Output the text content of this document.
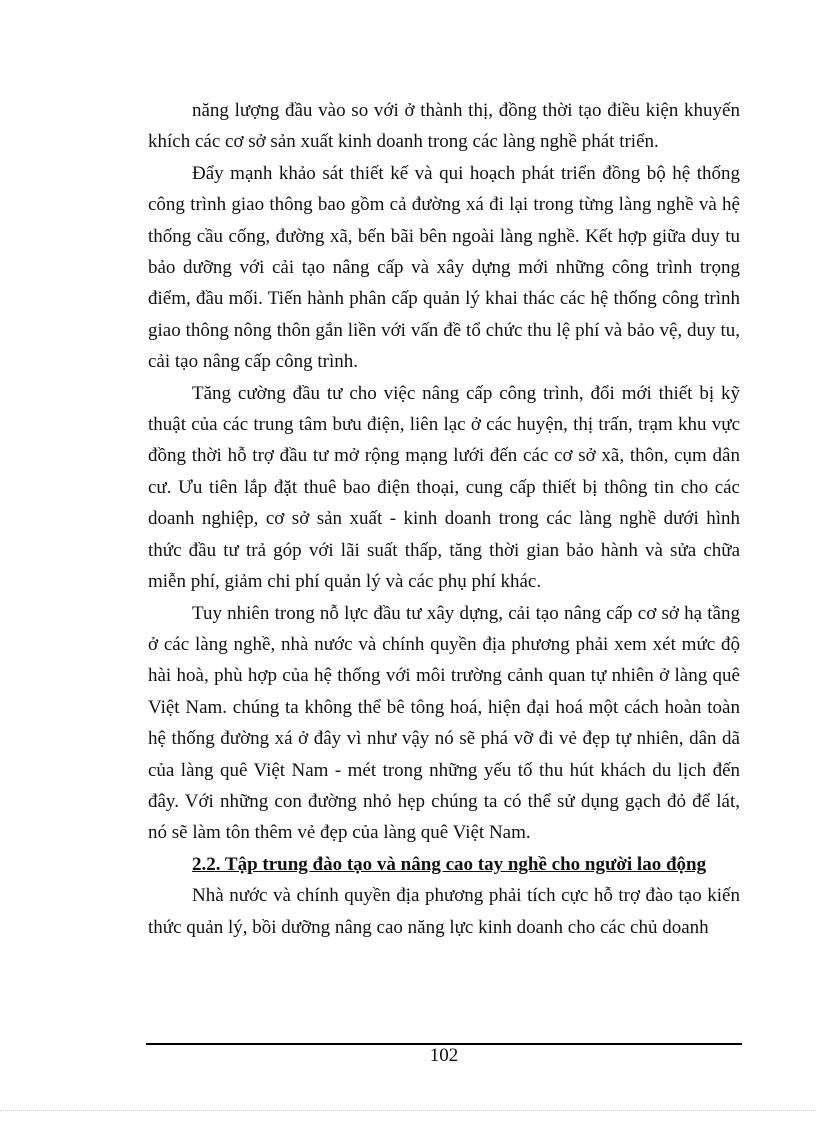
năng lượng đầu vào so với ở thành thị, đồng thời tạo điều kiện khuyến khích các cơ sở sản xuất kinh doanh trong các làng nghề phát triển.

Đẩy mạnh khảo sát thiết kế và qui hoạch phát triển đồng bộ hệ thống công trình giao thông bao gồm cả đường xá đi lại trong từng làng nghề và hệ thống cầu cống, đường xã, bến bãi bên ngoài làng nghề. Kết hợp giữa duy tu bảo dưỡng với cải tạo nâng cấp và xây dựng mới những công trình trọng điểm, đầu mối. Tiến hành phân cấp quản lý khai thác các hệ thống công trình giao thông nông thôn gắn liền với vấn đề tổ chức thu lệ phí và bảo vệ, duy tu, cải tạo nâng cấp công trình.

Tăng cường đầu tư cho việc nâng cấp công trình, đổi mới thiết bị kỹ thuật của các trung tâm bưu điện, liên lạc ở các huyện, thị trấn, trạm khu vực đồng thời hỗ trợ đầu tư mở rộng mạng lưới đến các cơ sở xã, thôn, cụm dân cư. Ưu tiên lắp đặt thuê bao điện thoại, cung cấp thiết bị thông tin cho các doanh nghiệp, cơ sở sản xuất - kinh doanh trong các làng nghề dưới hình thức đầu tư trả góp với lãi suất thấp, tăng thời gian bảo hành và sửa chữa miễn phí, giảm chi phí quản lý và các phụ phí khác.

Tuy nhiên trong nỗ lực đầu tư xây dựng, cải tạo nâng cấp cơ sở hạ tầng ở các làng nghề, nhà nước và chính quyền địa phương phải xem xét mức độ hài hoà, phù hợp của hệ thống với môi trường cảnh quan tự nhiên ở làng quê Việt Nam. chúng ta không thể bê tông hoá, hiện đại hoá một cách hoàn toàn hệ thống đường xá ở đây vì như vậy nó sẽ phá vỡ đi vẻ đẹp tự nhiên, dân dã của làng quê Việt Nam - mét trong những yếu tố thu hút khách du lịch đến đây. Với những con đường nhỏ hẹp chúng ta có thể sử dụng gạch đỏ để lát, nó sẽ làm tôn thêm vẻ đẹp của làng quê Việt Nam.

2.2. Tập trung đào tạo và nâng cao tay nghề cho người lao động

Nhà nước và chính quyền địa phương phải tích cực hỗ trợ đào tạo kiến thức quản lý, bồi dưỡng nâng cao năng lực kinh doanh cho các chủ doanh

102
